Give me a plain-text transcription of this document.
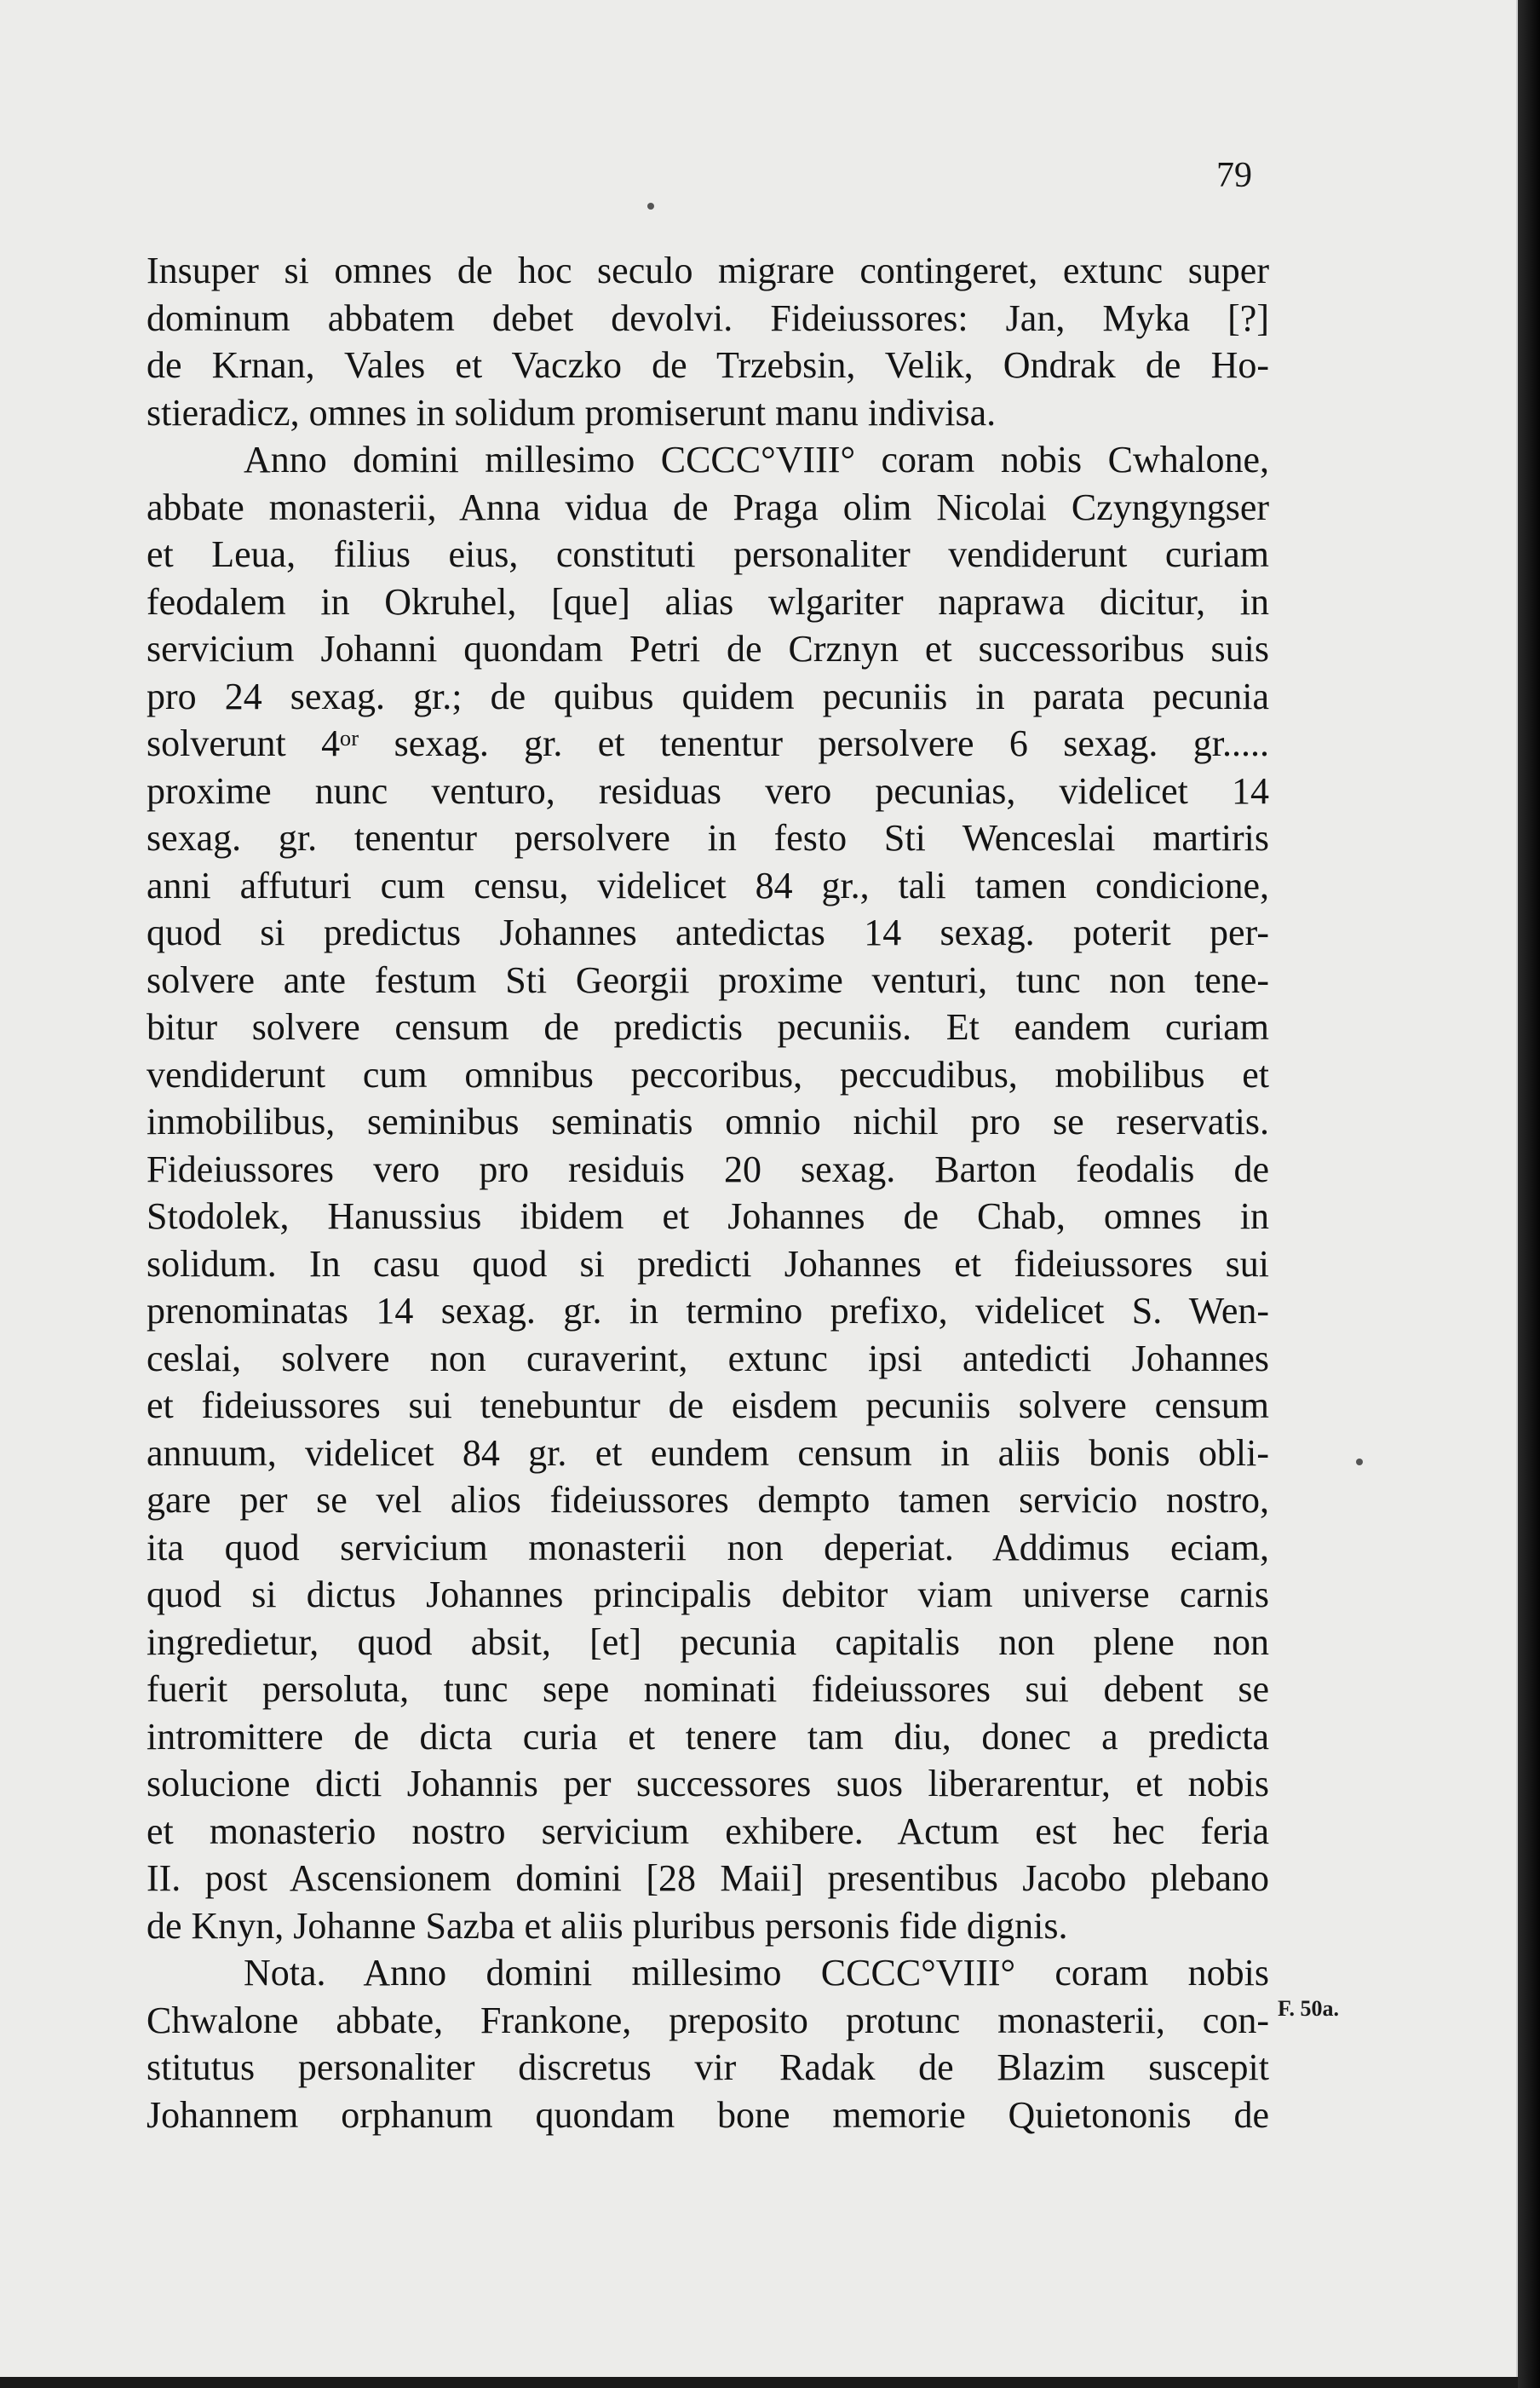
79
Insuper si omnes de hoc seculo migrare contingeret, extunc super
dominum abbatem debet devolvi. Fideiussores: Jan, Myka [?]
de Krnan, Vales et Vaczko de Trzebsin, Velik, Ondrak de Ho-
stieradicz, omnes in solidum promiserunt manu indivisa.
Anno domini millesimo CCCC°VIII° coram nobis Cwhalone,
abbate monasterii, Anna vidua de Praga olim Nicolai Czyngyngser
et Leua, filius eius, constituti personaliter vendiderunt curiam
feodalem in Okruhel, [que] alias wlgariter naprawa dicitur, in
servicium Johanni quondam Petri de Crznyn et successoribus suis
pro 24 sexag. gr.; de quibus quidem pecuniis in parata pecunia
solverunt 4ᵒʳ sexag. gr. et tenentur persolvere 6 sexag. gr.....
proxime nunc venturo, residuas vero pecunias, videlicet 14
sexag. gr. tenentur persolvere in festo Sti Wenceslai martiris
anni affuturi cum censu, videlicet 84 gr., tali tamen condicione,
quod si predictus Johannes antedictas 14 sexag. poterit per-
solvere ante festum Sti Georgii proxime venturi, tunc non tene-
bitur solvere censum de predictis pecuniis. Et eandem curiam
vendiderunt cum omnibus peccoribus, peccudibus, mobilibus et
inmobilibus, seminibus seminatis omnio nichil pro se reservatis.
Fideiussores vero pro residuis 20 sexag. Barton feodalis de
Stodolek, Hanussius ibidem et Johannes de Chab, omnes in
solidum. In casu quod si predicti Johannes et fideiussores sui
prenominatas 14 sexag. gr. in termino prefixo, videlicet S. Wen-
ceslai, solvere non curaverint, extunc ipsi antedicti Johannes
et fideiussores sui tenebuntur de eisdem pecuniis solvere censum
annuum, videlicet 84 gr. et eundem censum in aliis bonis obli-
gare per se vel alios fideiussores dempto tamen servicio nostro,
ita quod servicium monasterii non deperiat. Addimus eciam,
quod si dictus Johannes principalis debitor viam universe carnis
ingredietur, quod absit, [et] pecunia capitalis non plene non
fuerit persoluta, tunc sepe nominati fideiussores sui debent se
intromittere de dicta curia et tenere tam diu, donec a predicta
solucione dicti Johannis per successores suos liberarentur, et nobis
et monasterio nostro servicium exhibere. Actum est hec feria
II. post Ascensionem domini [28 Maii] presentibus Jacobo plebano
de Knyn, Johanne Sazba et aliis pluribus personis fide dignis.
Nota. Anno domini millesimo CCCC°VIII° coram nobis
Chwalone abbate, Frankone, preposito protunc monasterii, con-
stitutus personaliter discretus vir Radak de Blazim suscepit
Johannem orphanum quondam bone memorie Quietononis de
F. 50a.
